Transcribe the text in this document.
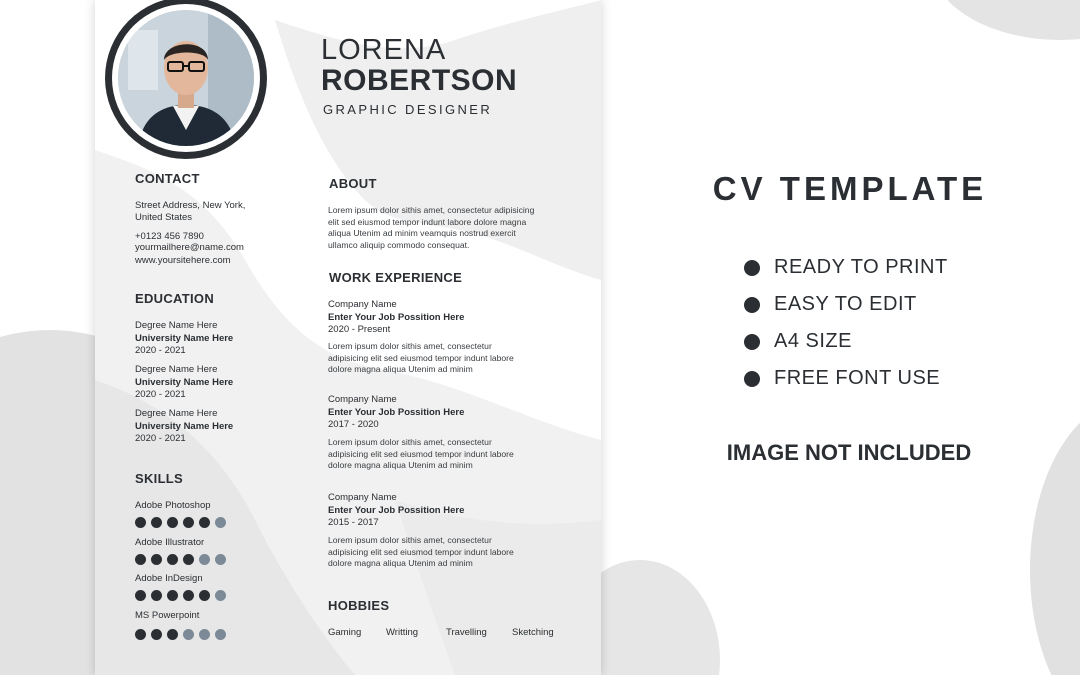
LORENA
ROBERTSON
GRAPHIC DESIGNER
CONTACT
Street Address, New York,
United States
+0123 456 7890
yourmailhere@name.com
www.yoursitehere.com
EDUCATION
Degree Name Here
University Name Here
2020 - 2021
Degree Name Here
University Name Here
2020 - 2021
Degree Name Here
University Name Here
2020 - 2021
SKILLS
Adobe Photoshop
Adobe Illustrator
Adobe InDesign
MS Powerpoint
ABOUT
Lorem ipsum dolor sithis amet, consectetur adipisicing
elit sed eiusmod tempor indunt labore dolore magna
aliqua Utenim ad minim veamquis nostrud exercit
ullamco aliquip commodo consequat.
WORK EXPERIENCE
Company Name
Enter Your Job Possition Here
2020 - Present
Lorem ipsum dolor sithis amet, consectetur
adipisicing elit sed eiusmod tempor indunt labore
dolore magna aliqua Utenim ad minim
Company Name
Enter Your Job Possition Here
2017 - 2020
Lorem ipsum dolor sithis amet, consectetur
adipisicing elit sed eiusmod tempor indunt labore
dolore magna aliqua Utenim ad minim
Company Name
Enter Your Job Possition Here
2015 - 2017
Lorem ipsum dolor sithis amet, consectetur
adipisicing elit sed eiusmod tempor indunt labore
dolore magna aliqua Utenim ad minim
HOBBIES
Gaming	Writting	Travelling	Sketching
CV TEMPLATE
READY TO PRINT
EASY TO EDIT
A4 SIZE
FREE FONT USE
IMAGE NOT INCLUDED
